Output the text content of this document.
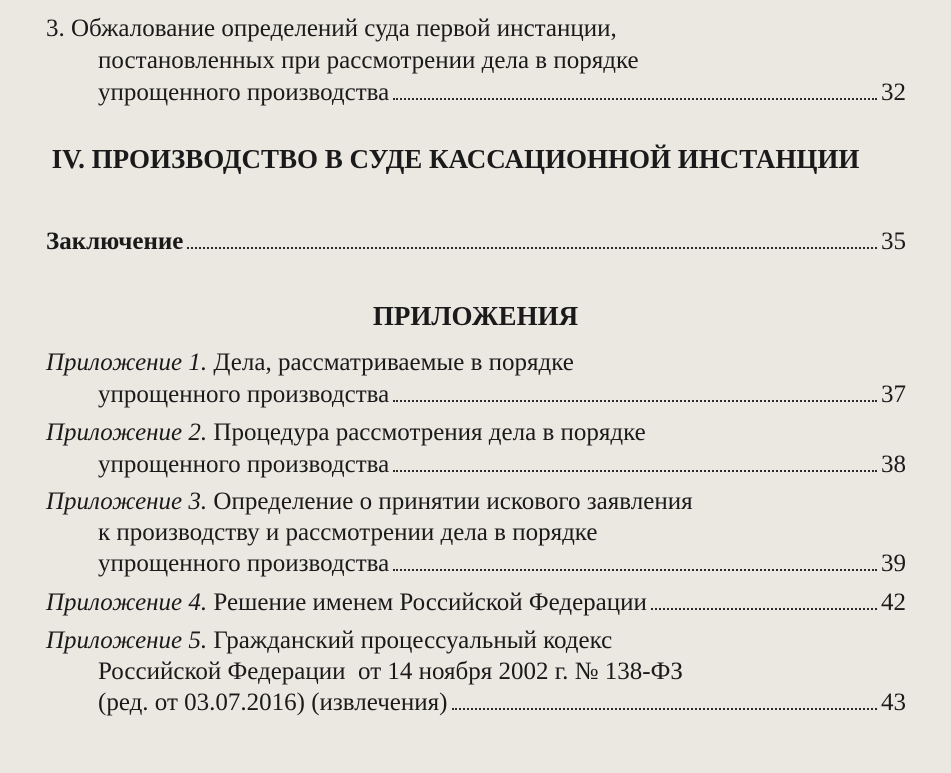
3. Обжалование определений суда первой инстанции,
постановленных при рассмотрении дела в порядке
упрощенного производства	32
IV. ПРОИЗВОДСТВО В СУДЕ КАССАЦИОННОЙ ИНСТАНЦИИ
Заключение	35
ПРИЛОЖЕНИЯ
Приложение 1. Дела, рассматриваемые в порядке
упрощенного производства	37
Приложение 2. Процедура рассмотрения дела в порядке
упрощенного производства	38
Приложение 3. Определение о принятии искового заявления
к производству и рассмотрении дела в порядке
упрощенного производства	39
Приложение 4. Решение именем Российской Федерации	42
Приложение 5. Гражданский процессуальный кодекс
Российской Федерации  от 14 ноября 2002 г. № 138-ФЗ
(ред. от 03.07.2016) (извлечения)	43
